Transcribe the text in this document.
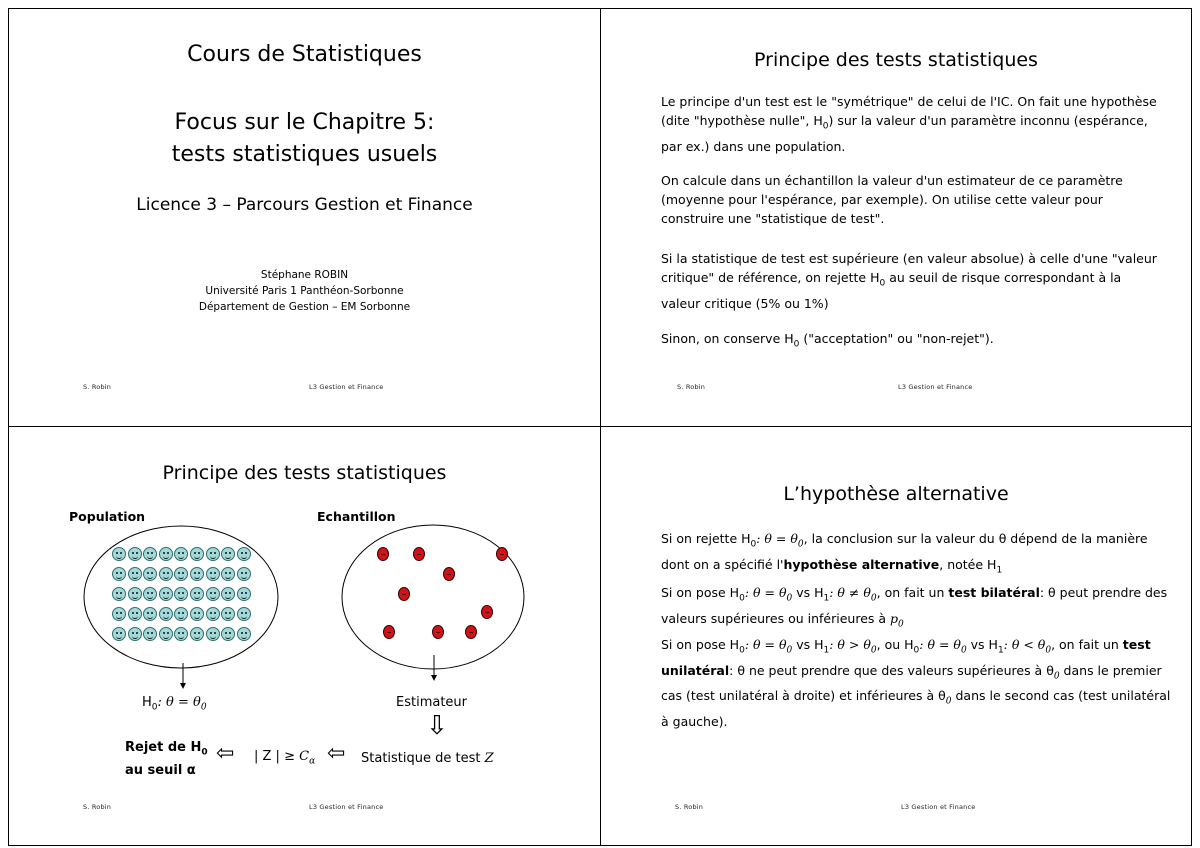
Cours de Statistiques
Focus sur le Chapitre 5:
tests statistiques usuels
Licence 3 – Parcours Gestion et Finance
Stéphane ROBIN
Université Paris 1 Panthéon-Sorbonne
Département de Gestion – EM Sorbonne
S. Robin	L3 Gestion et Finance
Principe des tests statistiques
Le principe d'un test est le "symétrique" de celui de l'IC. On fait une hypothèse (dite "hypothèse nulle", $H_0$) sur la valeur d'un paramètre inconnu (espérance, par ex.) dans une population.
On calcule dans un échantillon la valeur d'un estimateur de ce paramètre (moyenne pour l'espérance, par exemple). On utilise cette valeur pour construire une "statistique de test".
Si la statistique de test est supérieure (en valeur absolue) à celle d'une "valeur critique" de référence, on rejette $H_0$ au seuil de risque correspondant à la valeur critique (5% ou 1%)
Sinon, on conserve $H_0$ ("acceptation" ou "non-rejet").
S. Robin	L3 Gestion et Finance
Principe des tests statistiques
Population	Echantillon
$H_0$: $\theta = \theta_0$	Estimateur
⇩
Rejet de $H_0$
au seuil α
⇦ | Z | ≥ $C_\alpha$ ⇦ Statistique de test Z
S. Robin	L3 Gestion et Finance
L’hypothèse alternative
Si on rejette $H_0$: $\theta = \theta_0$, la conclusion sur la valeur du θ dépend de la manière dont on a spécifié l'hypothèse alternative, notée $H_1$
Si on pose $H_0$: $\theta = \theta_0$ vs $H_1$: $\theta \ne \theta_0$, on fait un test bilatéral: θ peut prendre des valeurs supérieures ou inférieures à $p_0$
Si on pose $H_0$: $\theta = \theta_0$ vs $H_1$: $\theta > \theta_0$, ou $H_0$: $\theta = \theta_0$ vs $H_1$: $\theta < \theta_0$, on fait un test unilatéral: θ ne peut prendre que des valeurs supérieures à $\theta_0$ dans le premier cas (test unilatéral à droite) et inférieures à $\theta_0$ dans le second cas (test unilatéral à gauche).
S. Robin	L3 Gestion et Finance
